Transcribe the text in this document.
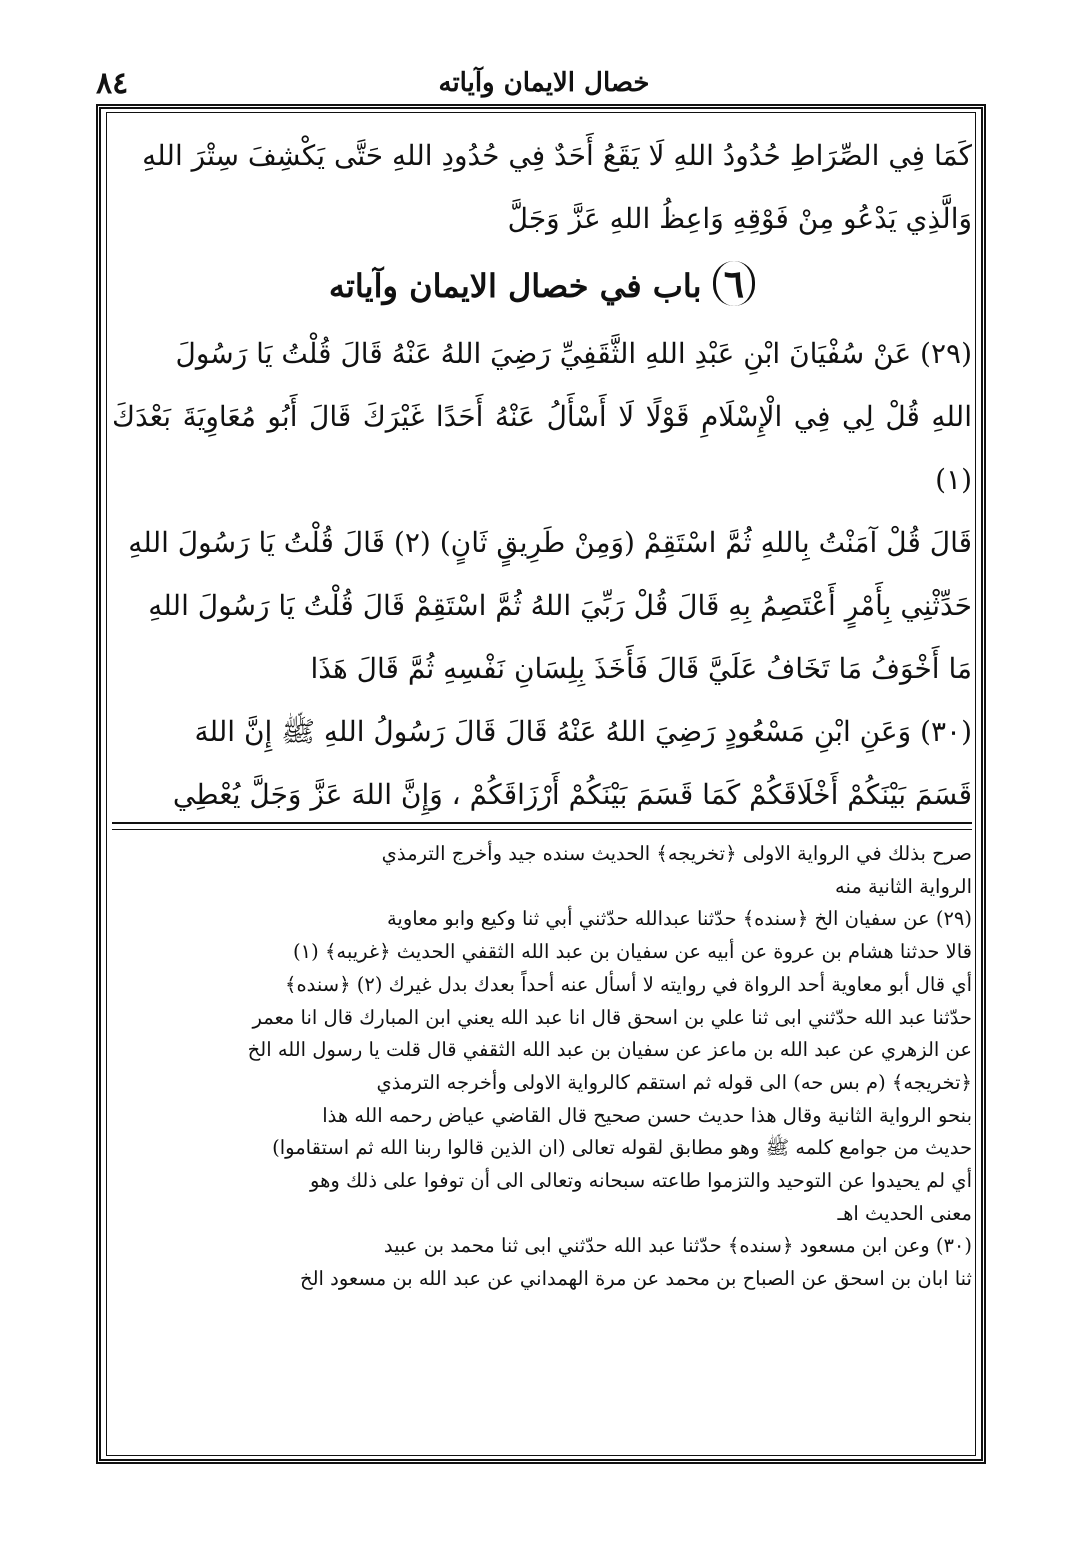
٨٤	خصال الايمان وآياته

كَمَا فِي الصِّرَاطِ حُدُودُ اللهِ لَا يَقَعُ أَحَدٌ فِي حُدُودِ اللهِ حَتَّى يَكْشِفَ سِتْرَ اللهِ

وَالَّذِي يَدْعُو مِنْ فَوْقِهِ وَاعِظُ اللهِ عَزَّ وَجَلَّ

٦ باب في خصال الايمان وآياته

(٢٩) عَنْ سُفْيَانَ ابْنِ عَبْدِ اللهِ الثَّقَفِيِّ رَضِيَ اللهُ عَنْهُ قَالَ قُلْتُ يَا رَسُولَ

اللهِ قُلْ لِي فِي الْإِسْلَامِ قَوْلًا لَا أَسْأَلُ عَنْهُ أَحَدًا غَيْرَكَ قَالَ أَبُو مُعَاوِيَةَ بَعْدَكَ (١)

قَالَ قُلْ آمَنْتُ بِاللهِ ثُمَّ اسْتَقِمْ (وَمِنْ طَرِيقٍ ثَانٍ) (٢) قَالَ قُلْتُ يَا رَسُولَ اللهِ

حَدِّثْنِي بِأَمْرٍ أَعْتَصِمُ بِهِ قَالَ قُلْ رَبِّيَ اللهُ ثُمَّ اسْتَقِمْ قَالَ قُلْتُ يَا رَسُولَ اللهِ

مَا أَخْوَفُ مَا تَخَافُ عَلَيَّ قَالَ فَأَخَذَ بِلِسَانِ نَفْسِهِ ثُمَّ قَالَ هَذَا

(٣٠) وَعَنِ ابْنِ مَسْعُودٍ رَضِيَ اللهُ عَنْهُ قَالَ قَالَ رَسُولُ اللهِ ﷺ إِنَّ اللهَ

قَسَمَ بَيْنَكُمْ أَخْلَاقَكُمْ كَمَا قَسَمَ بَيْنَكُمْ أَرْزَاقَكُمْ ، وَإِنَّ اللهَ عَزَّ وَجَلَّ يُعْطِي

صرح بذلك في الرواية الاولى ﴿تخريجه﴾ الحديث سنده جيد وأخرج الترمذي

الرواية الثانية منه

(٢٩) عن سفيان الخ ﴿سنده﴾ حدّثنا عبدالله حدّثني أبي ثنا وكيع وابو معاوية

قالا حدثنا هشام بن عروة عن أبيه عن سفيان بن عبد الله الثقفي الحديث ﴿غريبه﴾ (١)

أي قال أبو معاوية أحد الرواة في روايته لا أسأل عنه أحداً بعدك بدل غيرك (٢) ﴿سنده﴾

حدّثنا عبد الله حدّثني ابى ثنا علي بن اسحق قال انا عبد الله يعني ابن المبارك قال انا معمر

عن الزهري عن عبد الله بن ماعز عن سفيان بن عبد الله الثقفي قال قلت يا رسول الله الخ

﴿تخريجه﴾ (م بس حه) الى قوله ثم استقم كالرواية الاولى وأخرجه الترمذي

بنحو الرواية الثانية وقال هذا حديث حسن صحيح قال القاضي عياض رحمه الله هذا

حديث من جوامع كلمه ﷺ وهو مطابق لقوله تعالى (ان الذين قالوا ربنا الله ثم استقاموا)

أي لم يحيدوا عن التوحيد والتزموا طاعته سبحانه وتعالى الى أن توفوا على ذلك وهو

معنى الحديث اهـ

(٣٠) وعن ابن مسعود ﴿سنده﴾ حدّثنا عبد الله حدّثني ابى ثنا محمد بن عبيد

ثنا ابان بن اسحق عن الصباح بن محمد عن مرة الهمداني عن عبد الله بن مسعود الخ
